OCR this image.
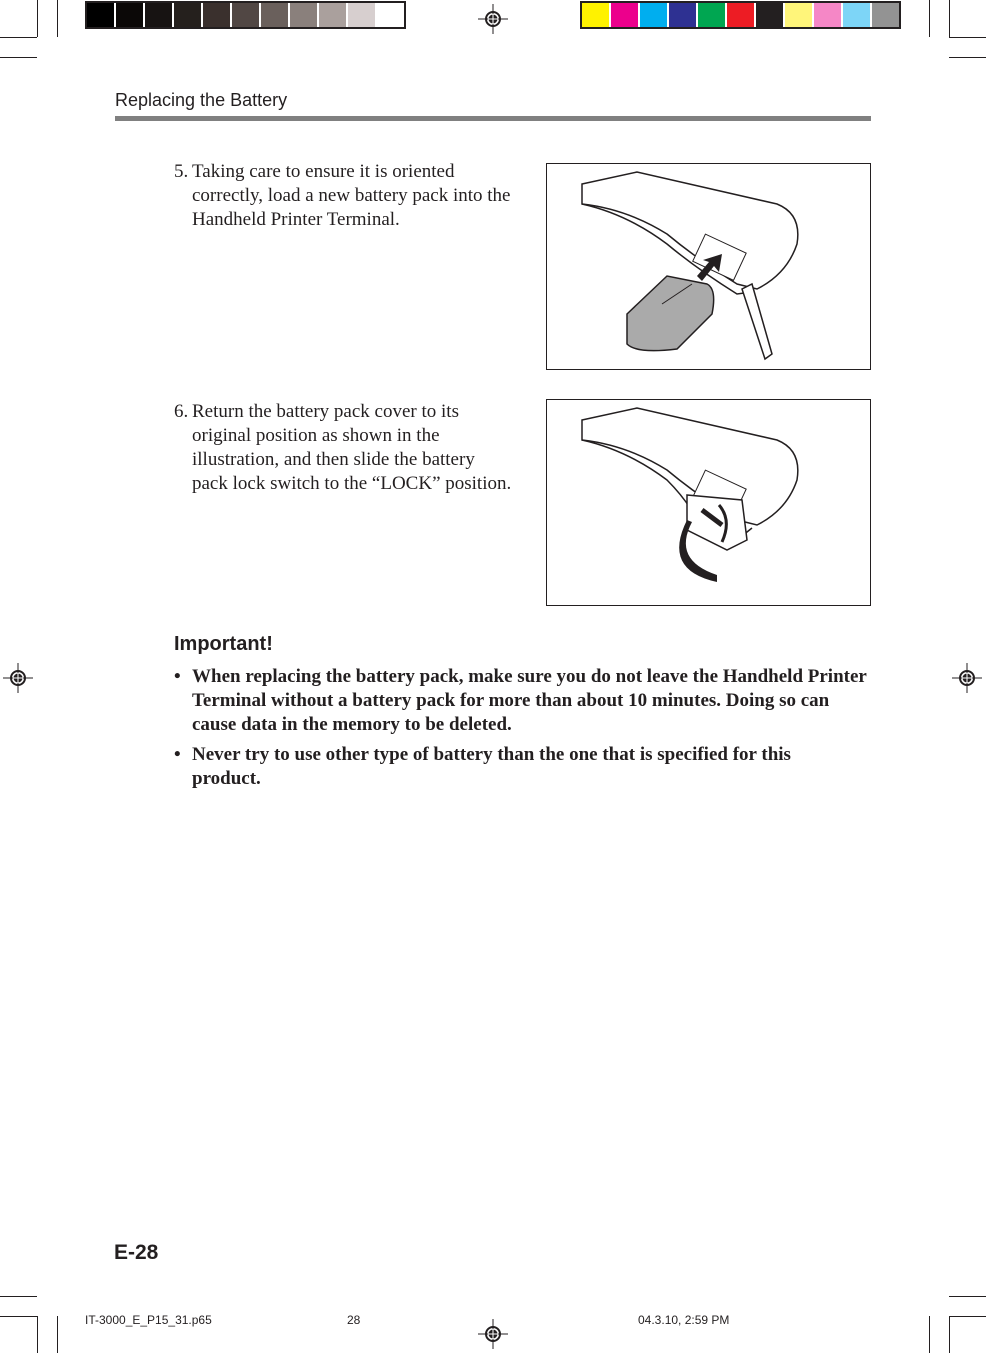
Replacing the Battery
5. Taking care to ensure it is oriented correctly, load a new battery pack into the Handheld Printer Terminal.
6. Return the battery pack cover to its original position as shown in the illustration, and then slide the battery pack lock switch to the “LOCK” position.
Important!
• When replacing the battery pack, make sure you do not leave the Handheld Printer Terminal without a battery pack for more than about 10 minutes. Doing so can cause data in the memory to be deleted.
• Never try to use other type of battery than the one that is specified for this product.
E-28
IT-3000_E_P15_31.p65	28	04.3.10, 2:59 PM
